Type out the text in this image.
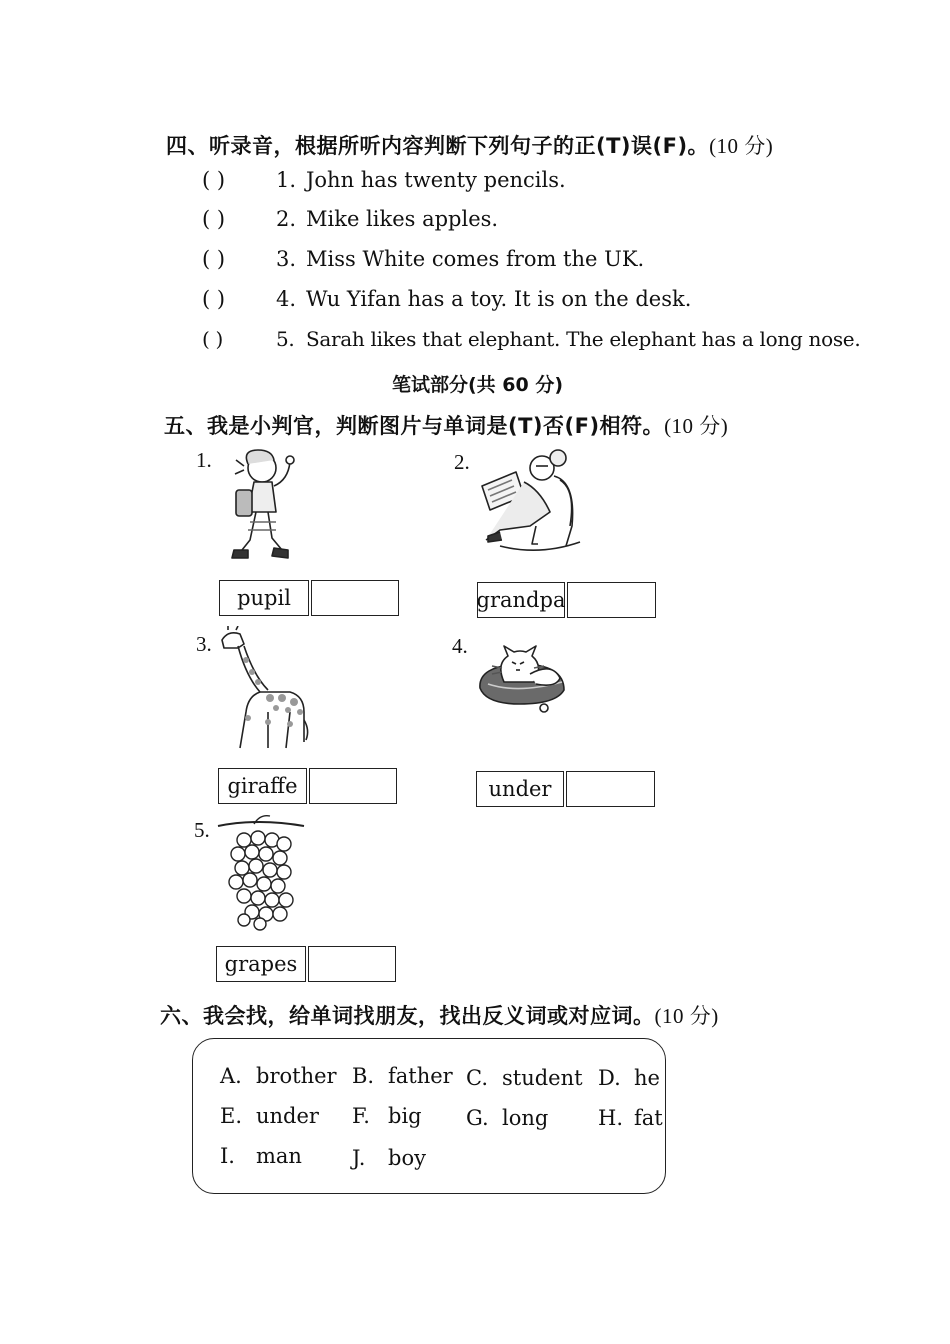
四、听录音，根据所听内容判断下列句子的正(T)误(F)。(10 分)
( ) 1. John has twenty pencils.
( ) 2. Mike likes apples.
( ) 3. Miss White comes from the UK.
( ) 4. Wu Yifan has a toy. It is on the desk.
( )	5. Sarah likes that elephant. The elephant has a long nose.
笔试部分(共 60 分)
五、我是小判官，判断图片与单词是(T)否(F)相符。(10 分)
1.
pupil
2.
grandpa
3.
giraffe
4.
under
5.
grapes
六、我会找，给单词找朋友，找出反义词或对应词。(10 分)
A. brother B. father C. student D. he
E. under F. big G. long H. fat
I. man J. boy
